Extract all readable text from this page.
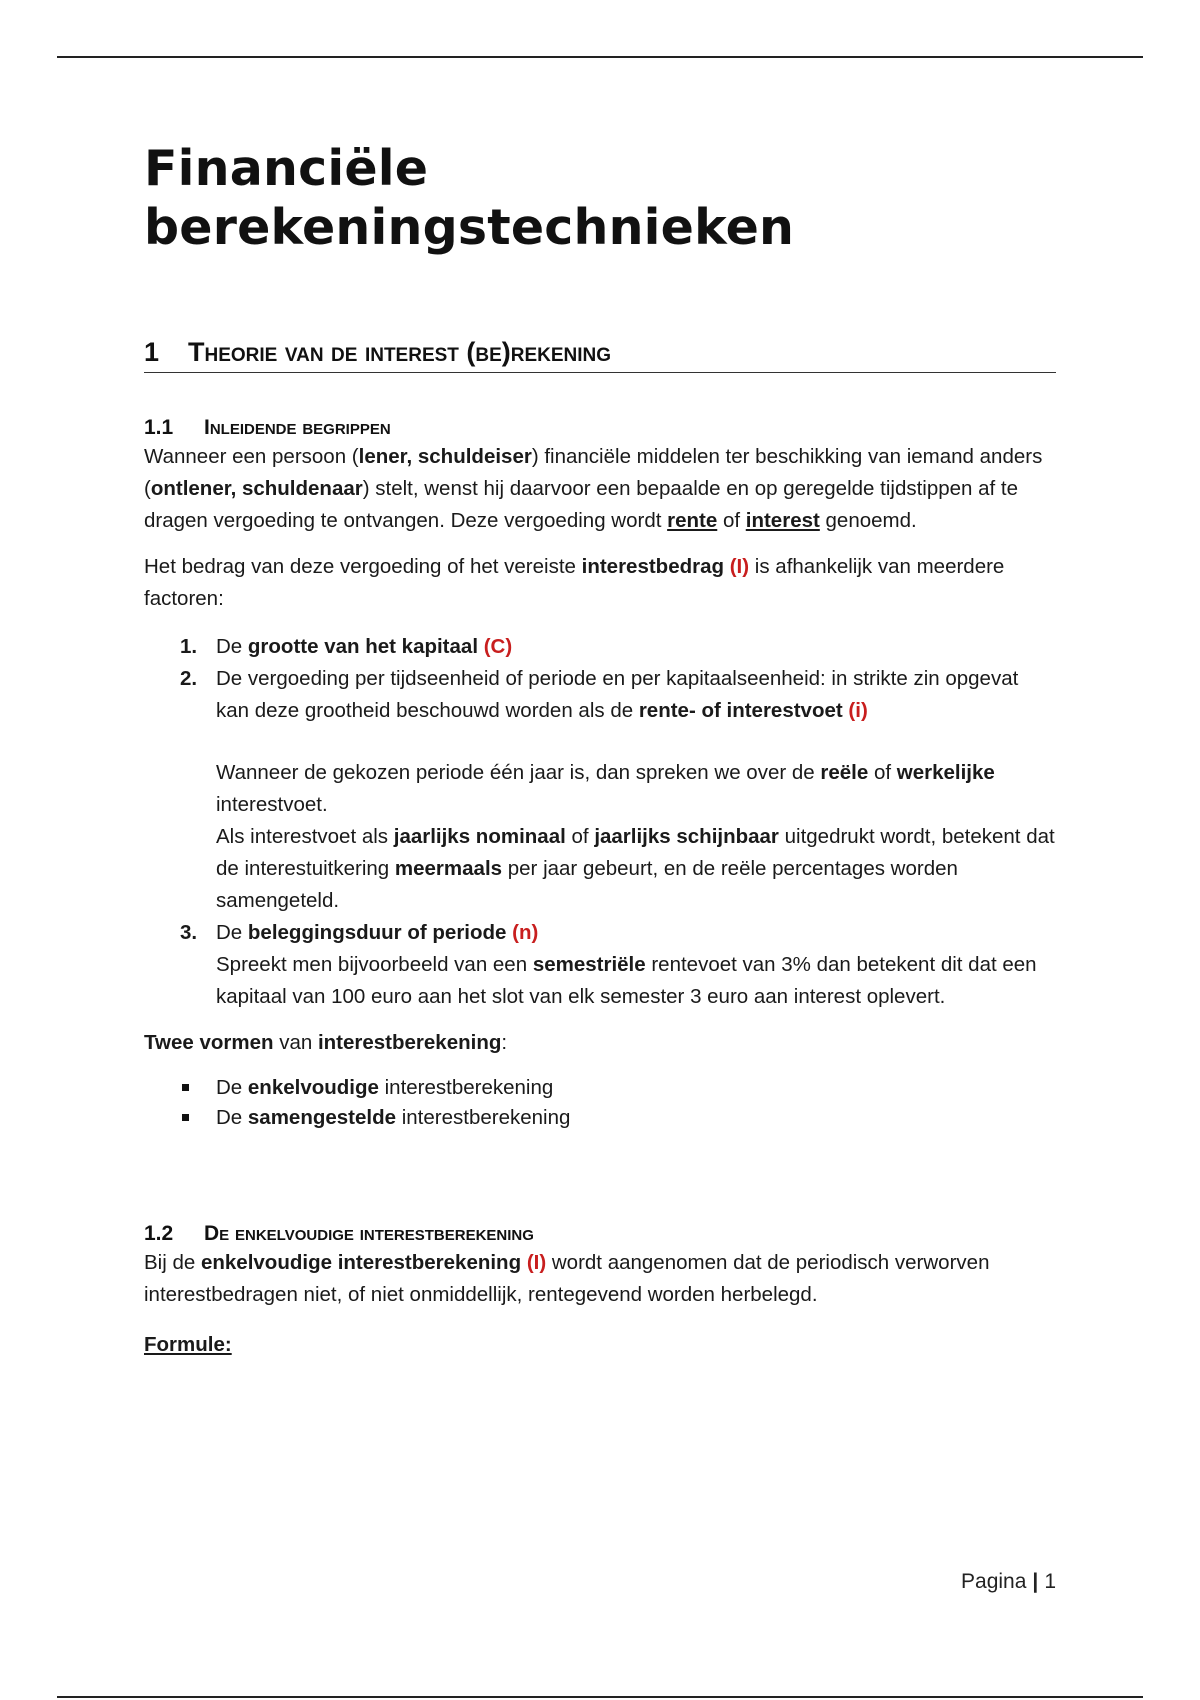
Financiële berekeningstechnieken
1 Theorie van de interest (be)rekening
1.1 Inleidende begrippen

Wanneer een persoon (lener, schuldeiser) financiële middelen ter beschikking van iemand anders (ontlener, schuldenaar) stelt, wenst hij daarvoor een bepaalde en op geregelde tijdstippen af te dragen vergoeding te ontvangen. Deze vergoeding wordt rente of interest genoemd.

Het bedrag van deze vergoeding of het vereiste interestbedrag (I) is afhankelijk van meerdere factoren:

1. De grootte van het kapitaal (C)
2. De vergoeding per tijdseenheid of periode en per kapitaalseenheid: in strikte zin opgevat kan deze grootheid beschouwd worden als de rente- of interestvoet (i)
Wanneer de gekozen periode één jaar is, dan spreken we over de reële of werkelijke interestvoet.
Als interestvoet als jaarlijks nominaal of jaarlijks schijnbaar uitgedrukt wordt, betekent dat de interestuitkering meermaals per jaar gebeurt, en de reële percentages worden samengeteld.
3. De beleggingsduur of periode (n)
Spreekt men bijvoorbeeld van een semestriële rentevoet van 3% dan betekent dit dat een kapitaal van 100 euro aan het slot van elk semester 3 euro aan interest oplevert.

Twee vormen van interestberekening:

De enkelvoudige interestberekening
De samengestelde interestberekening
1.2 De enkelvoudige interestberekening

Bij de enkelvoudige interestberekening (I) wordt aangenomen dat de periodisch verworven interestbedragen niet, of niet onmiddellijk, rentegevend worden herbelegd.

Formule:
Pagina | 1
